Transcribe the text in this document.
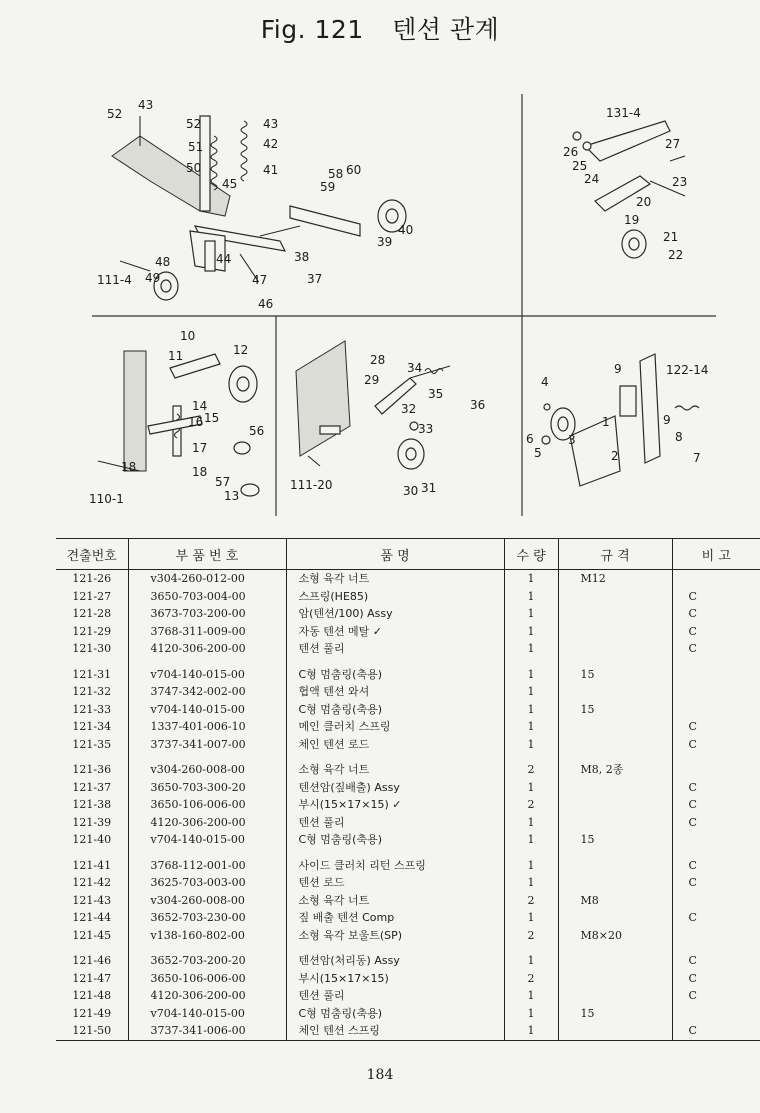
Fig. 121 텐션 관계
52
43
52
51
50
45
43
42
41	58 60
59
39
40
38
37
44
47
46
48
49
111-4
131-4
26
25
24
27
23
20
19
21
22
10
11	12
14
15
16
17
18	18
110-1
56
57
13
28
29
34
35
36
32
33
30 31
111-20
9	122-14
4
1	9
8
6
5
3
2	7
견출번호	부 품 번 호	품 명	수 량	규 격	비 고
121-26	v304-260-012-00	소형 육각 너트	1	M12	
121-27	3650-703-004-00	스프링(HE85)	1		C
121-28	3673-703-200-00	암(텐션/100) Assy	1		C
121-29	3768-311-009-00	자동 텐션 메탈 ✓	1		C
121-30	4120-306-200-00	텐션 풀리	1		C
121-31	v704-140-015-00	C형 멈춤링(축용)	1	15	
121-32	3747-342-002-00	협액 텐션 와셔	1		
121-33	v704-140-015-00	C형 멈춤링(축용)	1	15	
121-34	1337-401-006-10	메인 클러치 스프링	1		C
121-35	3737-341-007-00	체인 텐션 로드	1		C
121-36	v304-260-008-00	소형 육각 너트	2	M8, 2종	
121-37	3650-703-300-20	텐션암(짚배출) Assy	1		C
121-38	3650-106-006-00	부시(15×17×15) ✓	2		C
121-39	4120-306-200-00	텐션 풀리	1		C
121-40	v704-140-015-00	C형 멈춤링(축용)	1	15	
121-41	3768-112-001-00	사이드 클러치 리턴 스프링	1		C
121-42	3625-703-003-00	텐션 로드	1		C
121-43	v304-260-008-00	소형 육각 너트	2	M8	
121-44	3652-703-230-00	짚 배출 텐션 Comp	1		C
121-45	v138-160-802-00	소형 육각 보울트(SP)	2	M8×20	
121-46	3652-703-200-20	텐션암(처리동) Assy	1		C
121-47	3650-106-006-00	부시(15×17×15)	2		C
121-48	4120-306-200-00	텐션 풀리	1		C
121-49	v704-140-015-00	C형 멈춤링(축용)	1	15	
121-50	3737-341-006-00	체인 텐션 스프링	1		C
184
